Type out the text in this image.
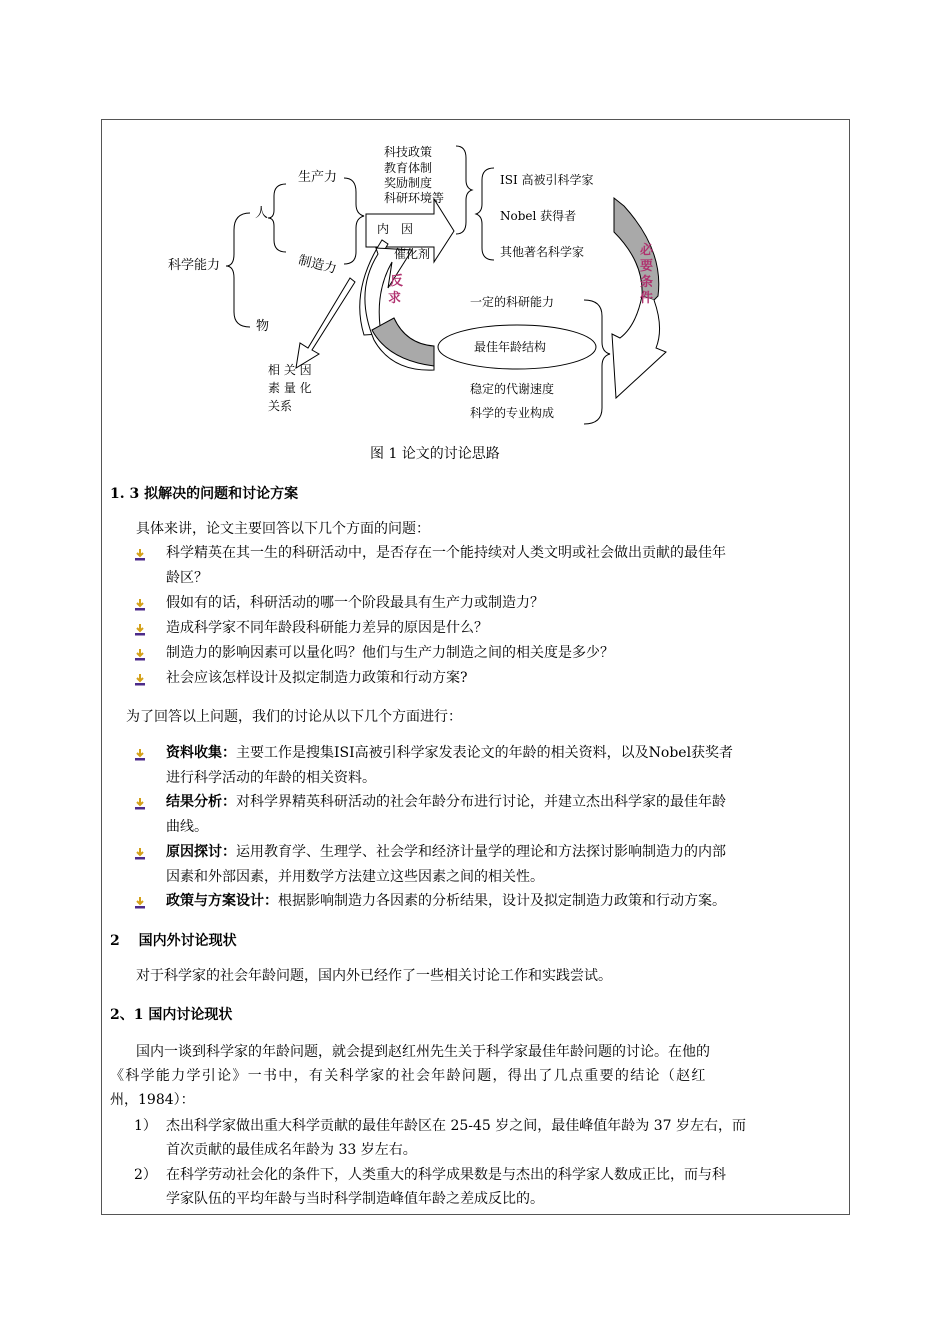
科学能力
人
物
生产力
制造力
科技政策
教育体制
奖励制度
科研环境等
内　因
催化剂
反
求
ISI 高被引科学家
Nobel 获得者
其他著名科学家	必
要
条
件
一定的科研能力
最佳年龄结构
稳定的代谢速度
科学的专业构成
相 关 因
素 量 化
关系
图 1 论文的讨论思路
1. 3 拟解决的问题和讨论方案
具体来讲，论文主要回答以下几个方面的问题：
科学精英在其一生的科研活动中，是否存在一个能持续对人类文明或社会做出贡献的最佳年
龄区？
假如有的话，科研活动的哪一个阶段最具有生产力或制造力？
造成科学家不同年龄段科研能力差异的原因是什么？
制造力的影响因素可以量化吗？他们与生产力制造之间的相关度是多少？
社会应该怎样设计及拟定制造力政策和行动方案?
为了回答以上问题，我们的讨论从以下几个方面进行：
资料收集：主要工作是搜集ISI高被引科学家发表论文的年龄的相关资料，以及Nobel获奖者
进行科学活动的年龄的相关资料。
结果分析：对科学界精英科研活动的社会年龄分布进行讨论，并建立杰出科学家的最佳年龄
曲线。
原因探讨：运用教育学、生理学、社会学和经济计量学的理论和方法探讨影响制造力的内部
因素和外部因素，并用数学方法建立这些因素之间的相关性。
政策与方案设计：根据影响制造力各因素的分析结果，设计及拟定制造力政策和行动方案。
2　 国内外讨论现状
对于科学家的社会年龄问题，国内外已经作了一些相关讨论工作和实践尝试。
2、1 国内讨论现状
国内一谈到科学家的年龄问题，就会提到赵红州先生关于科学家最佳年龄问题的讨论。在他的
《科学能力学引论》一书中，有关科学家的社会年龄问题，得出了几点重要的结论（赵红
州，1984）：
1） 杰出科学家做出重大科学贡献的最佳年龄区在 25-45 岁之间，最佳峰值年龄为 37 岁左右，而
首次贡献的最佳成名年龄为 33 岁左右。
2） 在科学劳动社会化的条件下，人类重大的科学成果数是与杰出的科学家人数成正比，而与科
学家队伍的平均年龄与当时科学制造峰值年龄之差成反比的。
